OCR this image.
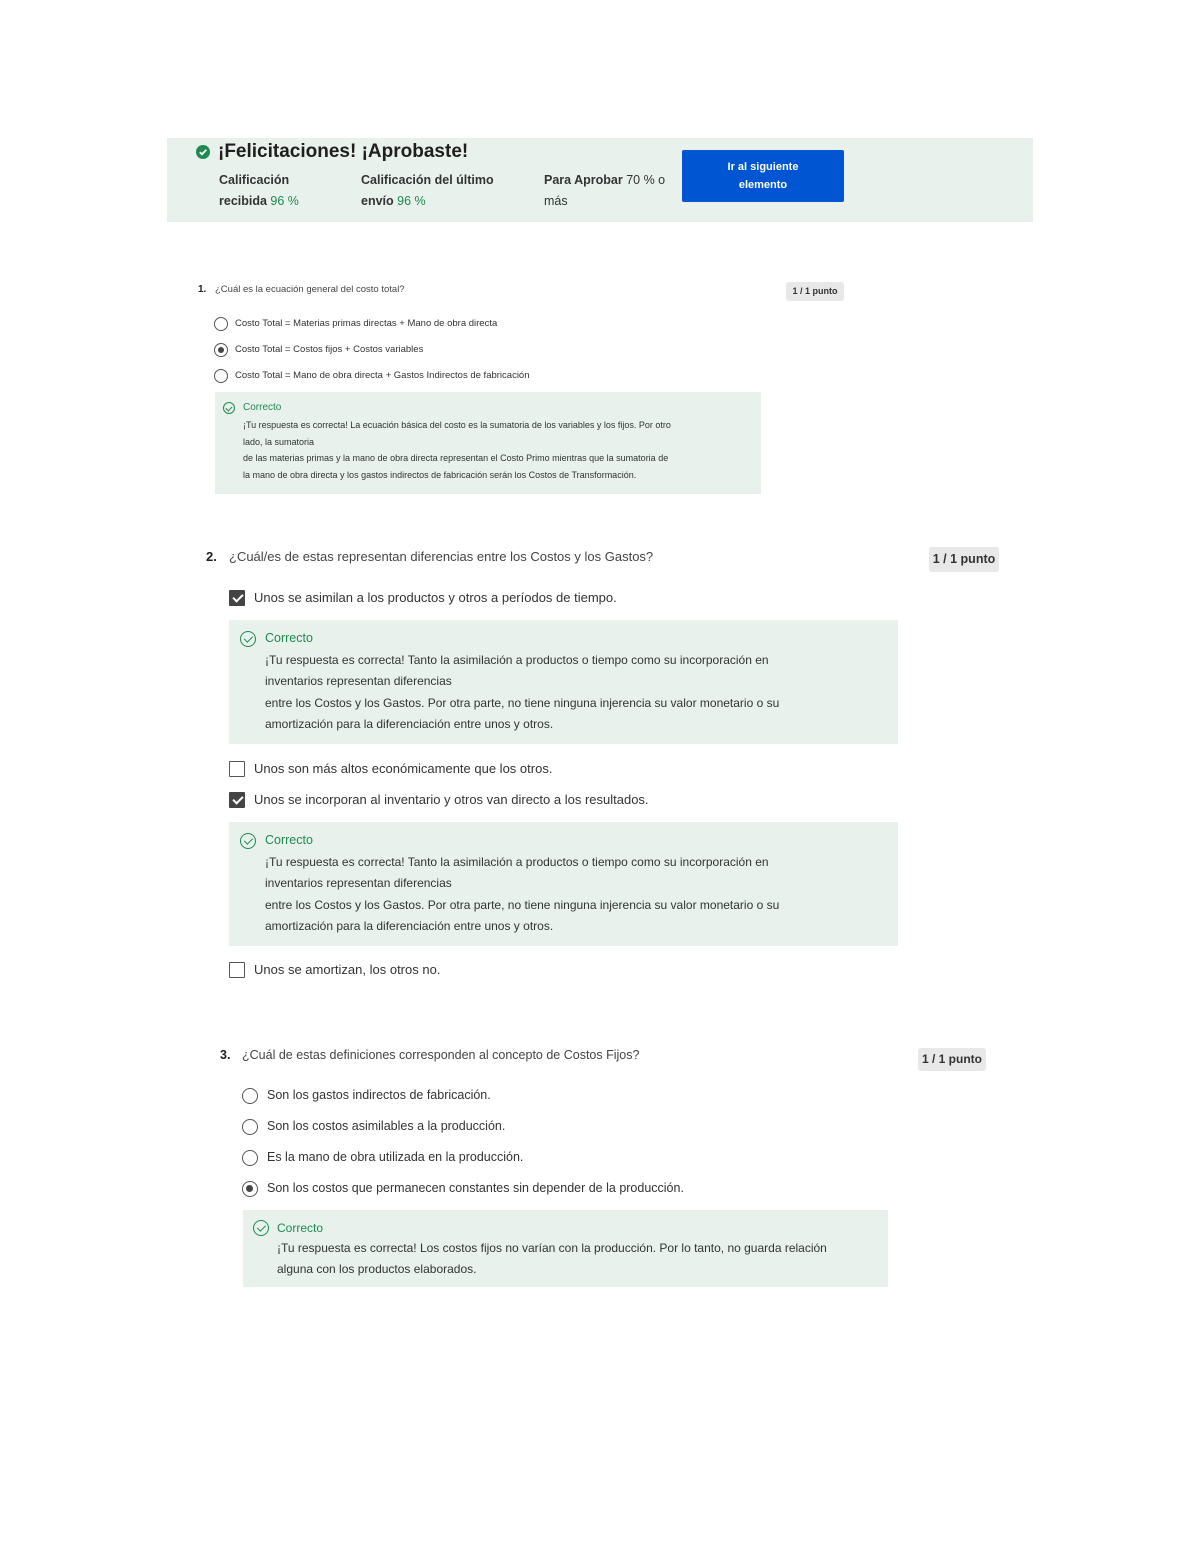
¡Felicitaciones! ¡Aprobaste!
Calificación recibida 96 %
Calificación del último envío 96 %
Para Aprobar 70 % o más
Ir al siguiente elemento
1. ¿Cuál es la ecuación general del costo total?	1 / 1 punto
Costo Total = Materias primas directas + Mano de obra directa
Costo Total = Costos fijos + Costos variables
Costo Total = Mano de obra directa + Gastos Indirectos de fabricación
Correcto
¡Tu respuesta es correcta! La ecuación básica del costo es la sumatoria de los variables y los fijos. Por otro
lado, la sumatoria
de las materias primas y la mano de obra directa representan el Costo Primo mientras que la sumatoria de
la mano de obra directa y los gastos indirectos de fabricación serán los Costos de Transformación.
2. ¿Cuál/es de estas representan diferencias entre los Costos y los Gastos?	1 / 1 punto
Unos se asimilan a los productos y otros a períodos de tiempo.
Correcto
¡Tu respuesta es correcta! Tanto la asimilación a productos o tiempo como su incorporación en
inventarios representan diferencias
entre los Costos y los Gastos. Por otra parte, no tiene ninguna injerencia su valor monetario o su
amortización para la diferenciación entre unos y otros.
Unos son más altos económicamente que los otros.
Unos se incorporan al inventario y otros van directo a los resultados.
Correcto
¡Tu respuesta es correcta! Tanto la asimilación a productos o tiempo como su incorporación en
inventarios representan diferencias
entre los Costos y los Gastos. Por otra parte, no tiene ninguna injerencia su valor monetario o su
amortización para la diferenciación entre unos y otros.
Unos se amortizan, los otros no.
3. ¿Cuál de estas definiciones corresponden al concepto de Costos Fijos?	1 / 1 punto
Son los gastos indirectos de fabricación.
Son los costos asimilables a la producción.
Es la mano de obra utilizada en la producción.
Son los costos que permanecen constantes sin depender de la producción.
Correcto
¡Tu respuesta es correcta! Los costos fijos no varían con la producción. Por lo tanto, no guarda relación
alguna con los productos elaborados.
